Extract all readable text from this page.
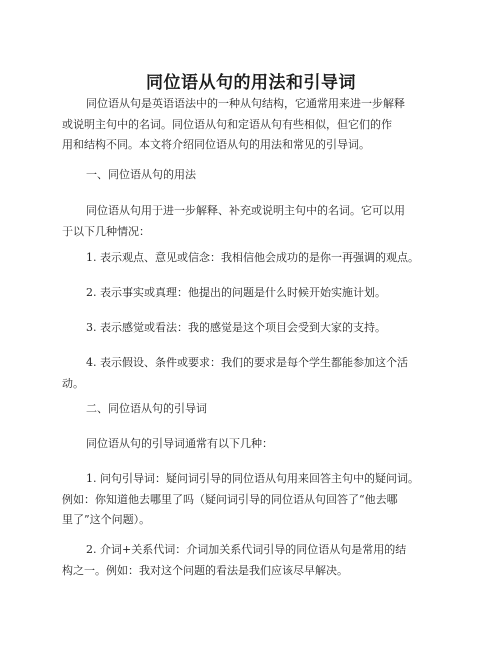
同位语从句的用法和引导词

同位语从句是英语语法中的一种从句结构，它通常用来进一步解释
或说明主句中的名词。同位语从句和定语从句有些相似，但它们的作
用和结构不同。本文将介绍同位语从句的用法和常见的引导词。

一、同位语从句的用法

同位语从句用于进一步解释、补充或说明主句中的名词。它可以用
于以下几种情况：

1. 表示观点、意见或信念：我相信他会成功的是你一再强调的观点。

2. 表示事实或真理：他提出的问题是什么时候开始实施计划。

3. 表示感觉或看法：我的感觉是这个项目会受到大家的支持。

4. 表示假设、条件或要求：我们的要求是每个学生都能参加这个活
动。

二、同位语从句的引导词

同位语从句的引导词通常有以下几种：

1. 问句引导词：疑问词引导的同位语从句用来回答主句中的疑问词。
例如：你知道他去哪里了吗（疑问词引导的同位语从句回答了“他去哪
里了”这个问题）。

2. 介词+关系代词：介词加关系代词引导的同位语从句是常用的结
构之一。例如：我对这个问题的看法是我们应该尽早解决。
